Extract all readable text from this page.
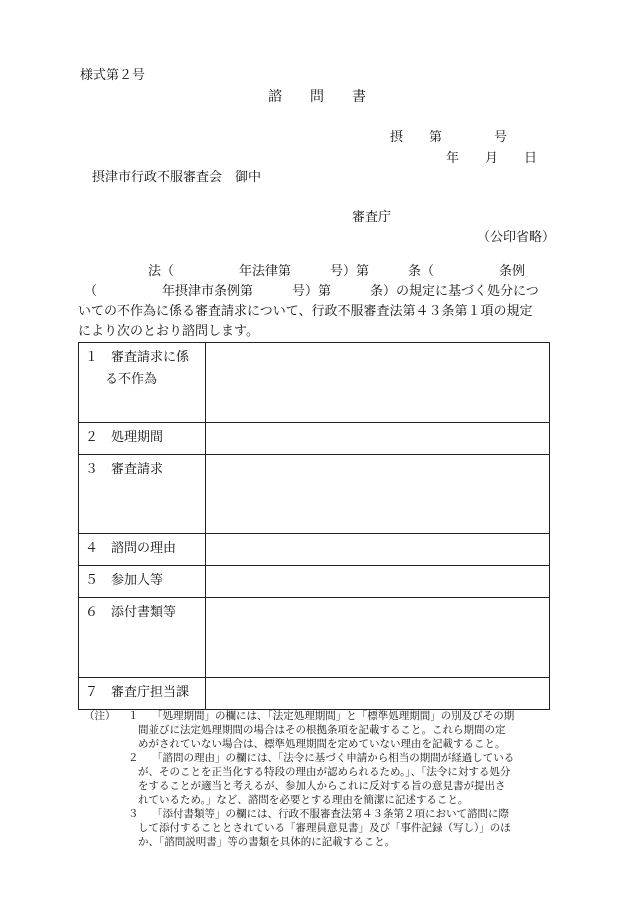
様式第２号
諮　　問　　書
摂　　第　　　　号
年　　月　　日
摂津市行政不服審査会　御中
審査庁
（公印省略）
法（　　　　　年法律第　　　号）第　　　条（　　　　　条例
（　　　　　年摂津市条例第　　　号）第　　　条）の規定に基づく処分につ
いての不作為に係る審査請求について、行政不服審査法第４３条第１項の規定
により次のとおり諮問します。
１　審査請求に係
る不作為	

２　処理期間	

３　審査請求	

４　諮問の理由	

５　参加人等	

６　添付書類等	

７　審査庁担当課	

（注） １ 「処理期間」の欄には、「法定処理期間」と「標準処理期間」の別及びその期
間並びに法定処理期間の場合はその根拠条項を記載すること。これら期間の定
めがされていない場合は、標準処理期間を定めていない理由を記載すること。
２ 「諮問の理由」の欄には、「法令に基づく申請から相当の期間が経過している
が、そのことを正当化する特段の理由が認められるため。」、「法令に対する処分
をすることが適当と考えるが、参加人からこれに反対する旨の意見書が提出さ
れているため。」など、諮問を必要とする理由を簡潔に記述すること。
３ 「添付書類等」の欄には、行政不服審査法第４３条第２項において諮問に際
して添付することとされている「審理員意見書」及び「事件記録（写し）」のほ
か、「諮問説明書」等の書類を具体的に記載すること。
